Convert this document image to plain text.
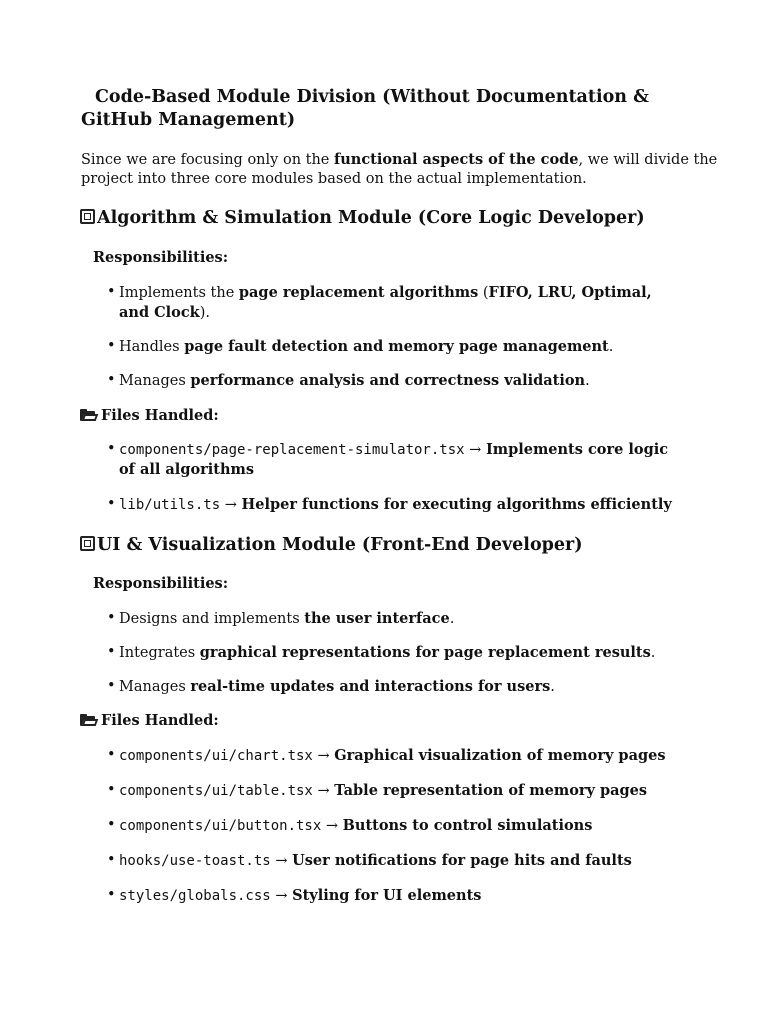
Code-Based Module Division (Without Documentation & GitHub Management)

Since we are focusing only on the functional aspects of the code, we will divide the project into three core modules based on the actual implementation.

Algorithm & Simulation Module (Core Logic Developer)

Responsibilities:

• Implements the page replacement algorithms (FIFO, LRU, Optimal, and Clock).
• Handles page fault detection and memory page management.
• Manages performance analysis and correctness validation.

Files Handled:

• components/page-replacement-simulator.tsx → Implements core logic of all algorithms
• lib/utils.ts → Helper functions for executing algorithms efficiently
UI & Visualization Module (Front-End Developer)

Responsibilities:

• Designs and implements the user interface.
• Integrates graphical representations for page replacement results.
• Manages real-time updates and interactions for users.

Files Handled:

• components/ui/chart.tsx → Graphical visualization of memory pages
• components/ui/table.tsx → Table representation of memory pages
• components/ui/button.tsx → Buttons to control simulations
• hooks/use-toast.ts → User notifications for page hits and faults
• styles/globals.css → Styling for UI elements
